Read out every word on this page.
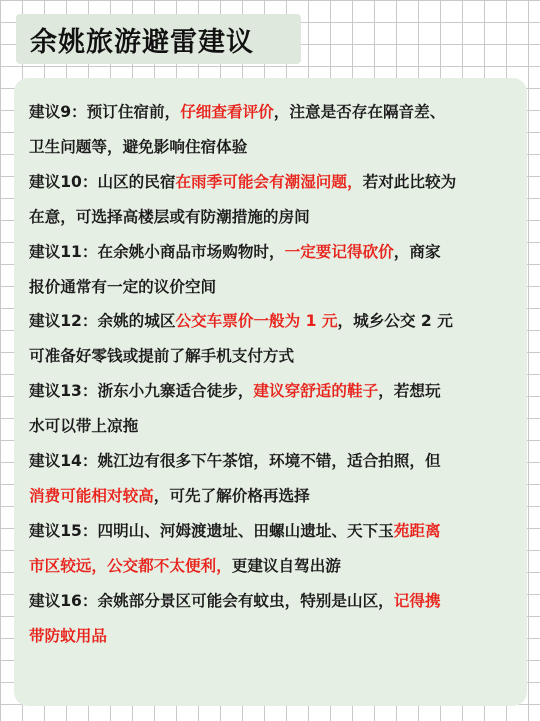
余姚旅游避雷建议
建议9：预订住宿前，仔细查看评价，注意是否存在隔音差、
卫生问题等，避免影响住宿体验
建议10：山区的民宿在雨季可能会有潮湿问题，若对此比较为
在意，可选择高楼层或有防潮措施的房间
建议11：在余姚小商品市场购物时，一定要记得砍价，商家
报价通常有一定的议价空间
建议12：余姚的城区公交车票价一般为 1 元，城乡公交 2 元
可准备好零钱或提前了解手机支付方式
建议13：浙东小九寨适合徒步，建议穿舒适的鞋子，若想玩
水可以带上凉拖
建议14：姚江边有很多下午茶馆，环境不错，适合拍照，但
消费可能相对较高，可先了解价格再选择
建议15：四明山、河姆渡遗址、田螺山遗址、天下玉苑距离
市区较远，公交都不太便利，更建议自驾出游
建议16：余姚部分景区可能会有蚊虫，特别是山区，记得携
带防蚊用品
